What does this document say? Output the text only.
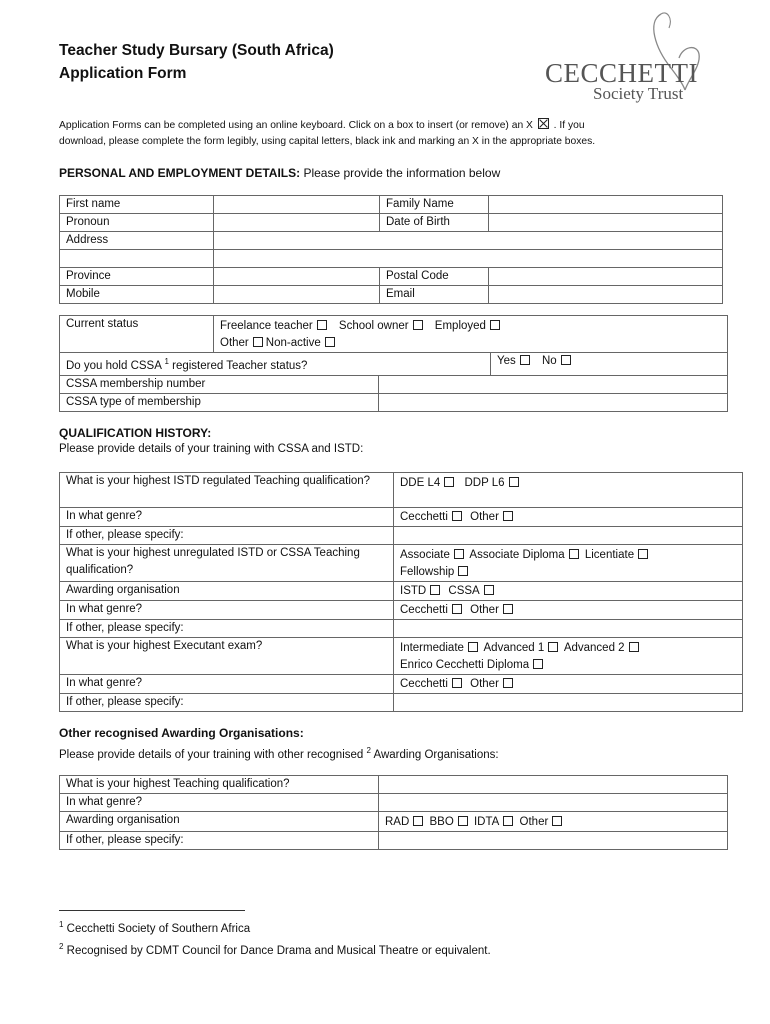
Teacher Study Bursary (South Africa)
Application Form	CECCHETTI
Society Trust
Application Forms can be completed using an online keyboard. Click on a box to insert (or remove) an X . If you
download, please complete the form legibly, using capital letters, black ink and marking an X in the appropriate boxes.
PERSONAL AND EMPLOYMENT DETAILS: Please provide the information below
First name		Family Name	
Pronoun		Date of Birth	
Address			

Province		Postal Code	
Mobile		Email	
Current status	Freelance teacher School owner Employed
Other Non-active		
Do you hold CSSA $^1$ registered Teacher status?			Yes No
CSSA membership number			
CSSA type of membership			
QUALIFICATION HISTORY:
Please provide details of your training with CSSA and ISTD:
What is your highest ISTD regulated Teaching qualification?	DDE L4 DDP L6
In what genre?	Cecchetti Other
If other, please specify:	
What is your highest unregulated ISTD or CSSA Teaching qualification?	Associate Associate Diploma Licentiate
Fellowship
Awarding organisation	ISTD CSSA
In what genre?	Cecchetti Other
If other, please specify:	
What is your highest Executant exam?	Intermediate Advanced 1 Advanced 2
Enrico Cecchetti Diploma
In what genre?	Cecchetti Other
If other, please specify:	
Other recognised Awarding Organisations:
Please provide details of your training with other recognised $^2$ Awarding Organisations:
What is your highest Teaching qualification?	
In what genre?	
Awarding organisation	RAD BBO IDTA Other
If other, please specify:	
$^1$ Cecchetti Society of Southern Africa
$^2$ Recognised by CDMT Council for Dance Drama and Musical Theatre or equivalent.
